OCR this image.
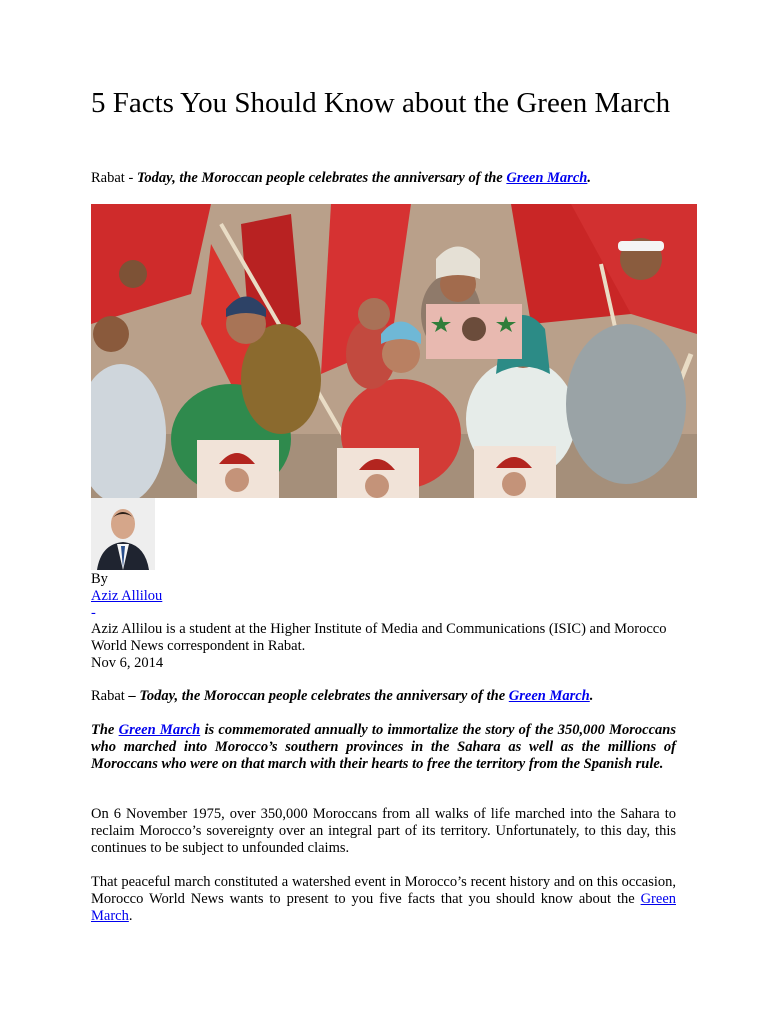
5 Facts You Should Know about the Green March
Rabat - Today, the Moroccan people celebrates the anniversary of the Green March.
By
Aziz Allilou
-
Aziz Allilou is a student at the Higher Institute of Media and Communications (ISIC) and Morocco World News correspondent in Rabat.
Nov 6, 2014
Rabat – Today, the Moroccan people celebrates the anniversary of the Green March.
The Green March is commemorated annually to immortalize the story of the 350,000 Moroccans who marched into Morocco’s southern provinces in the Sahara as well as the millions of Moroccans who were on that march with their hearts to free the territory from the Spanish rule.
On 6 November 1975, over 350,000 Moroccans from all walks of life marched into the Sahara to reclaim Morocco’s sovereignty over an integral part of its territory. Unfortunately, to this day, this continues to be subject to unfounded claims.
That peaceful march constituted a watershed event in Morocco’s recent history and on this occasion, Morocco World News wants to present to you five facts that you should know about the Green March.
